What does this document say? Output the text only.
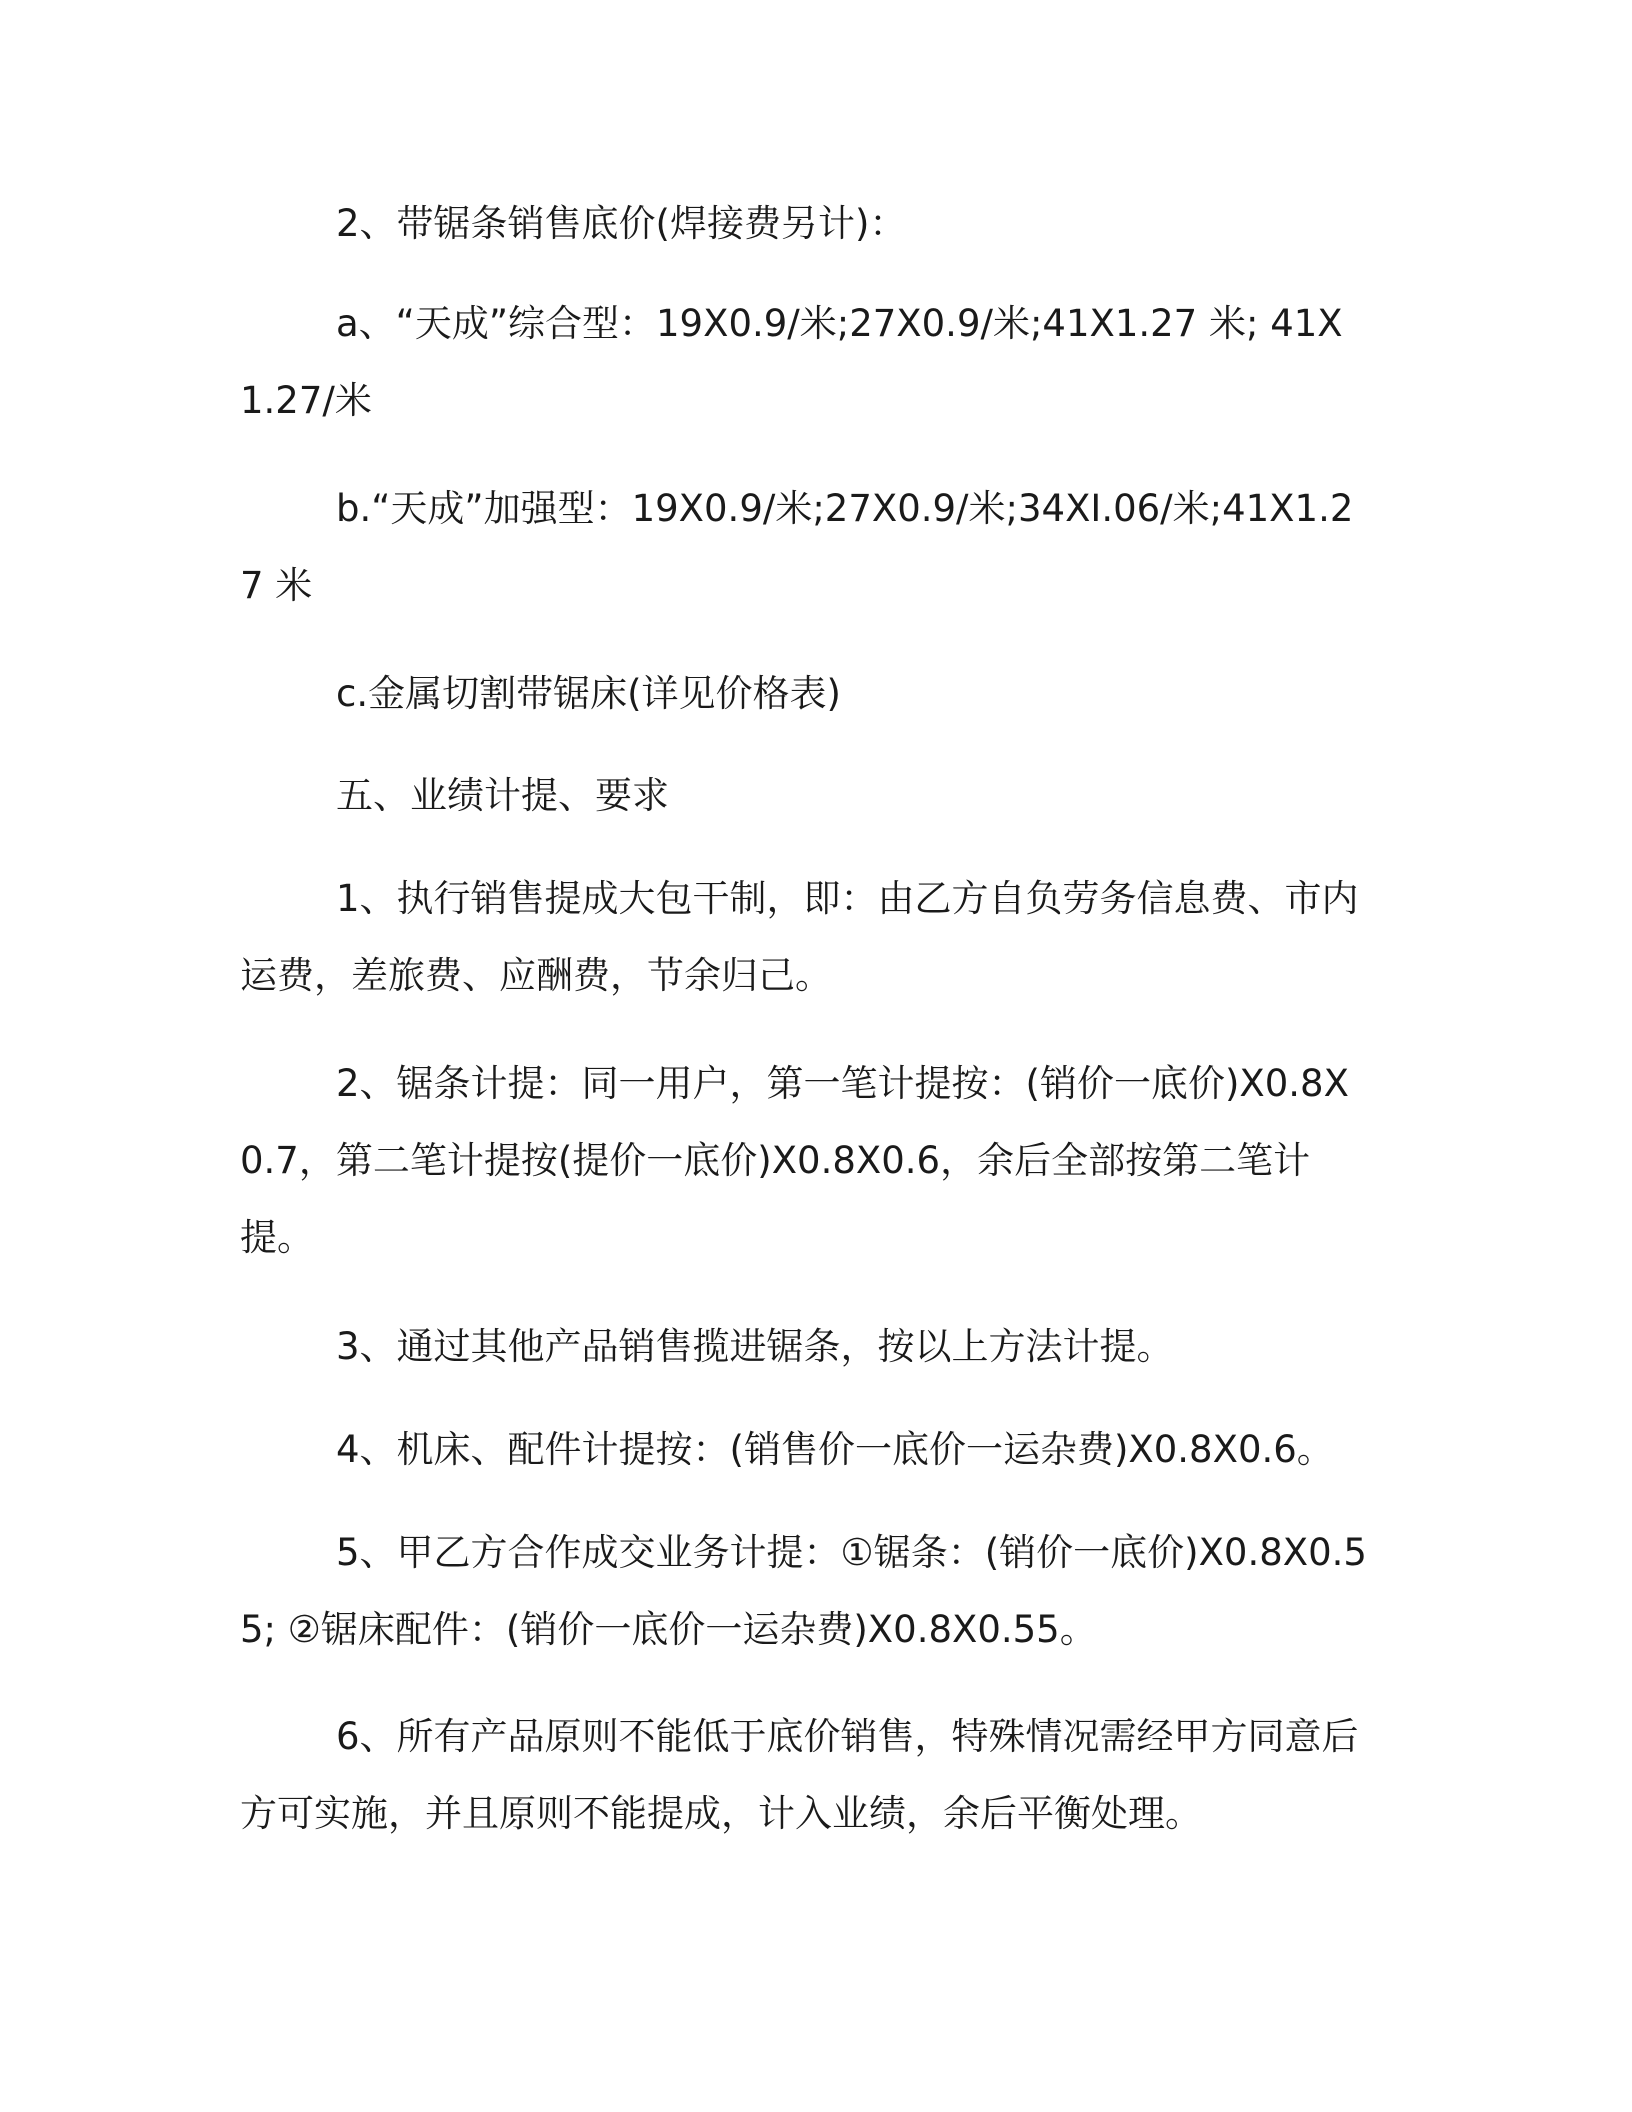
2、带锯条销售底价(焊接费另计)：

a、“天成”综合型：19X0.9/米;27X0.9/米;41X1.27 米; 41X1.27/米

b.“天成”加强型：19X0.9/米;27X0.9/米;34XI.06/米;41X1.27 米

c.金属切割带锯床(详见价格表)

五、业绩计提、要求

1、执行销售提成大包干制，即：由乙方自负劳务信息费、市内运费，差旅费、应酬费，节余归己。

2、锯条计提：同一用户，第一笔计提按：(销价一底价)X0.8X0.7，第二笔计提按(提价一底价)X0.8X0.6，余后全部按第二笔计提。

3、通过其他产品销售揽进锯条，按以上方法计提。

4、机床、配件计提按：(销售价一底价一运杂费)X0.8X0.6。

5、甲乙方合作成交业务计提：①锯条：(销价一底价)X0.8X0.55; ②锯床配件：(销价一底价一运杂费)X0.8X0.55。

6、所有产品原则不能低于底价销售，特殊情况需经甲方同意后方可实施，并且原则不能提成，计入业绩，余后平衡处理。
